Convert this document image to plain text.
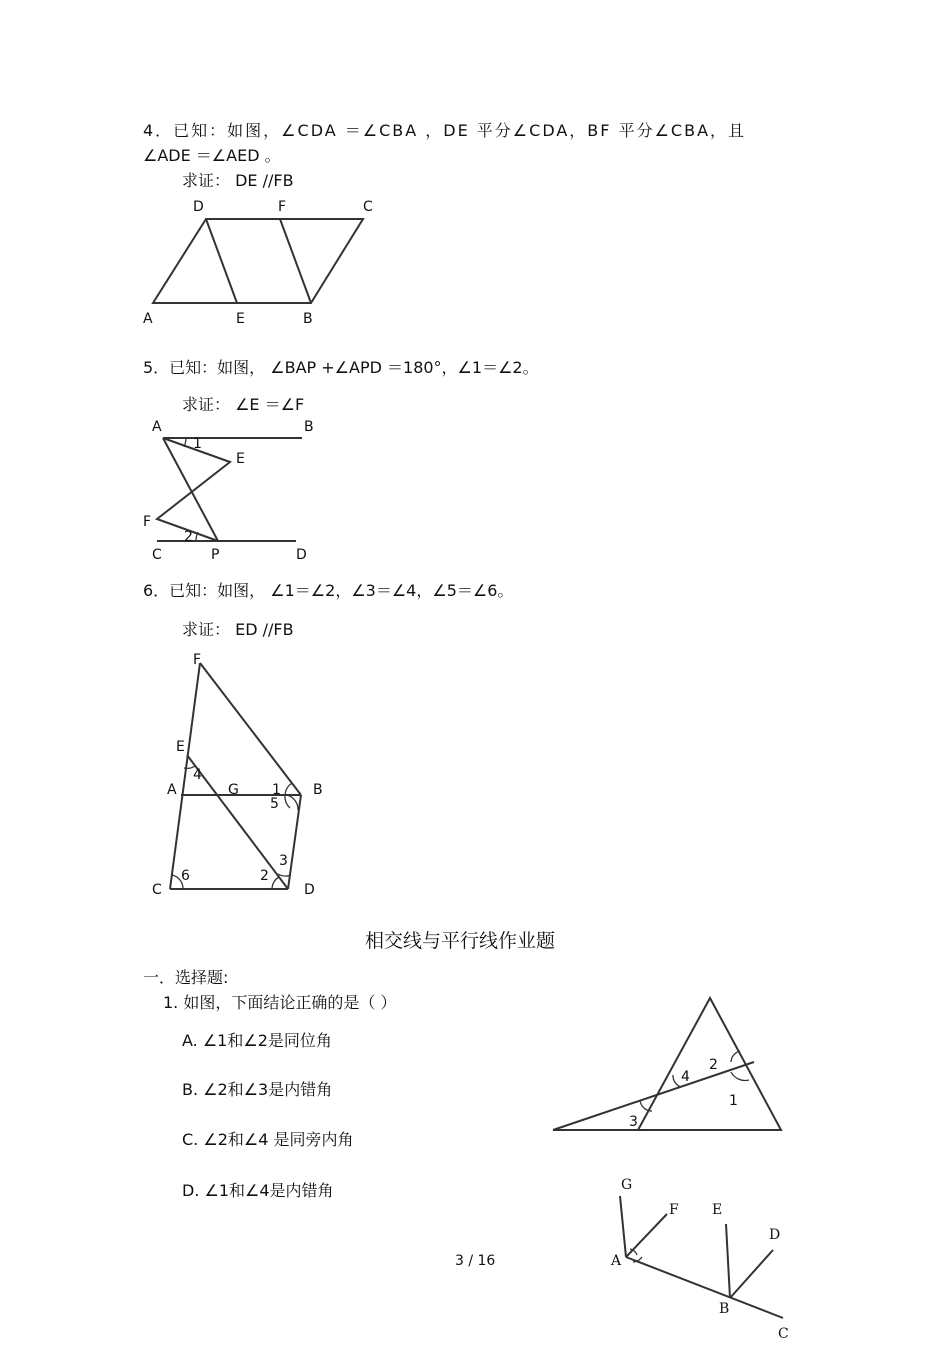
4．已知：如图，∠CDA ＝∠CBA ，DE 平分∠CDA，BF 平分∠CBA，且
∠ADE ＝∠AED 。
求证： DE //FB
D	F	C
A	E	B
5．已知：如图， ∠BAP +∠APD ＝180°，∠1＝∠2。
求证： ∠E ＝∠F
A	B
1
E
F
2
C	P	D
6．已知：如图， ∠1＝∠2，∠3＝∠4，∠5＝∠6。
求证： ED //FB
F
E
4
A	G 1 B
5
3
6	2
C	D
相交线与平行线作业题
一．选择题:
1. 如图，下面结论正确的是（ ）
A. ∠1和∠2是同位角
B. ∠2和∠3是内错角
C. ∠2和∠4 是同旁内角
D. ∠1和∠4是内错角
4
2
1
3
G
F E
D
A
B
C
3 / 16
